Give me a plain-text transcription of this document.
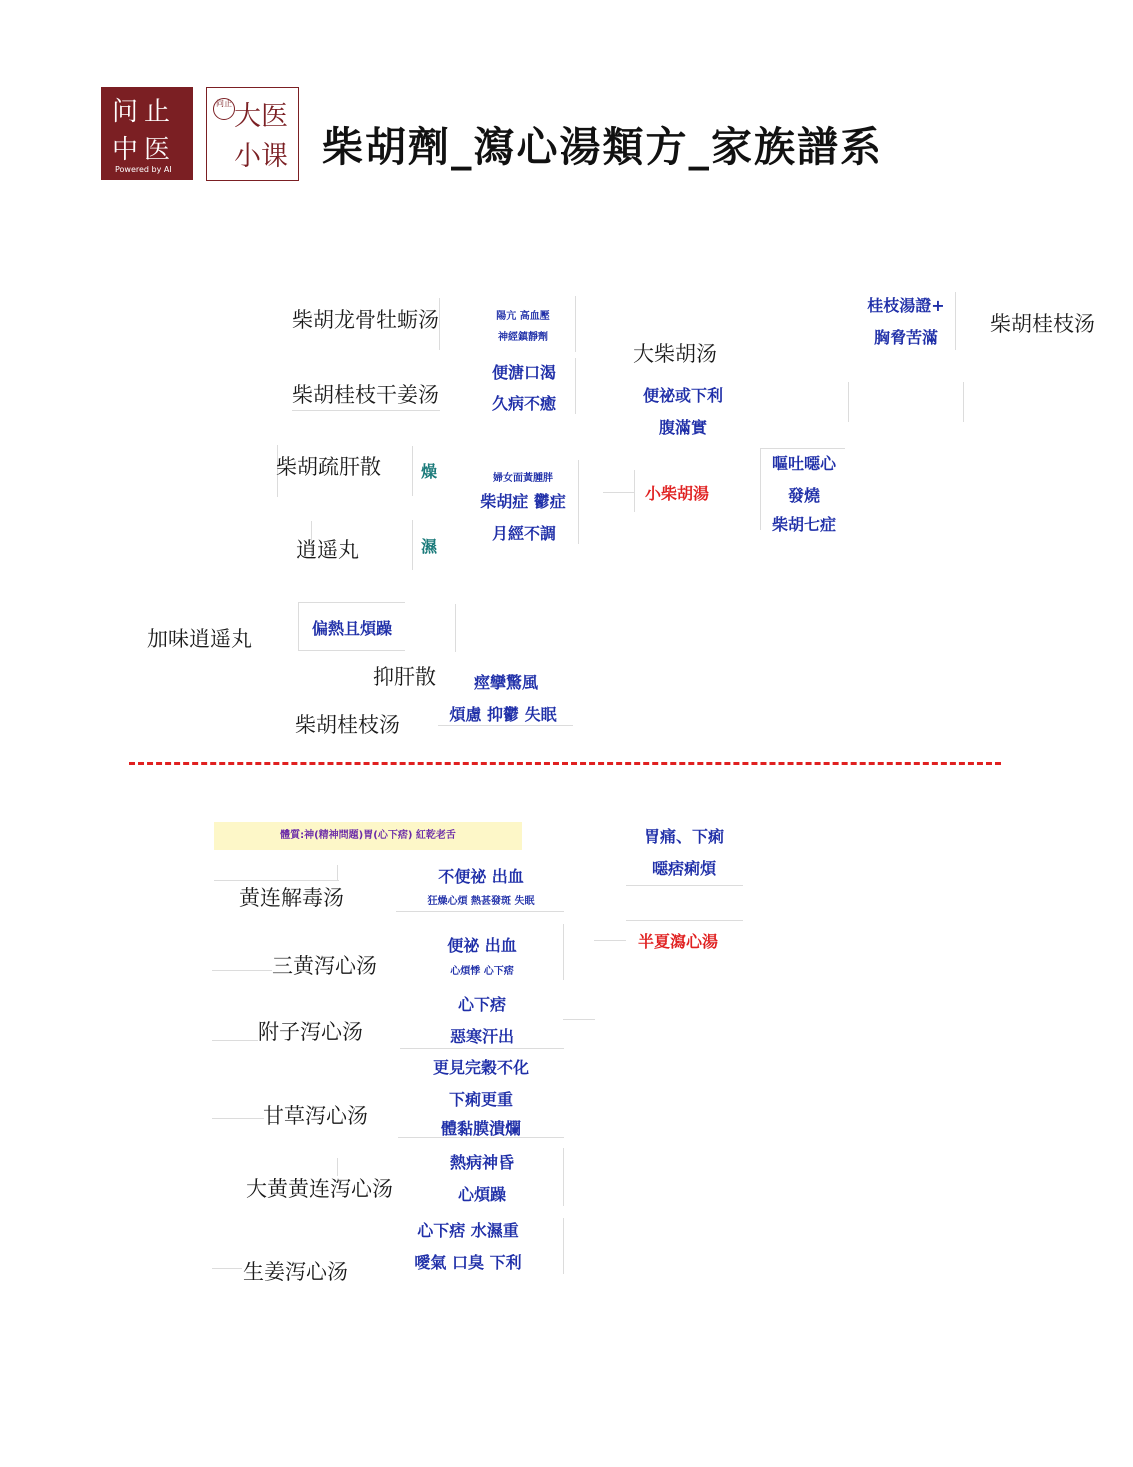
问止
中医
Powered by AI
问止 大医
小课 柴胡劑_瀉心湯類方_家族譜系
柴胡龙骨牡蛎汤	陽亢 高血壓
神經鎮靜劑
柴胡桂枝干姜汤
便溏口渴
久病不癒
柴胡疏肝散	燥
逍遥丸	濕
婦女面黃腫胖
柴胡症 鬱症
月經不調
大柴胡汤
便祕或下利
腹滿實
小柴胡湯
嘔吐噁心
發燒
柴胡七症
桂枝湯證+
胸脅苦滿
柴胡桂枝汤
加味逍遥丸	偏熱且煩躁
抑肝散	痙攣驚風
柴胡桂枝汤	煩慮 抑鬱 失眠
體質:神(精神問題)胃(心下痞) 紅乾老舌
黄连解毒汤
不便祕 出血
狂燥心煩 熱甚發斑 失眠
三黄泻心汤
便祕 出血
心煩悸 心下痞
附子泻心汤
心下痞
惡寒汗出
甘草泻心汤
更見完穀不化
下痢更重
體黏膜潰爛
大黄黄连泻心汤
熱病神昏
心煩躁
生姜泻心汤
心下痞 水濕重
噯氣 口臭 下利
胃痛、下痢
噁痞痢煩
半夏瀉心湯
